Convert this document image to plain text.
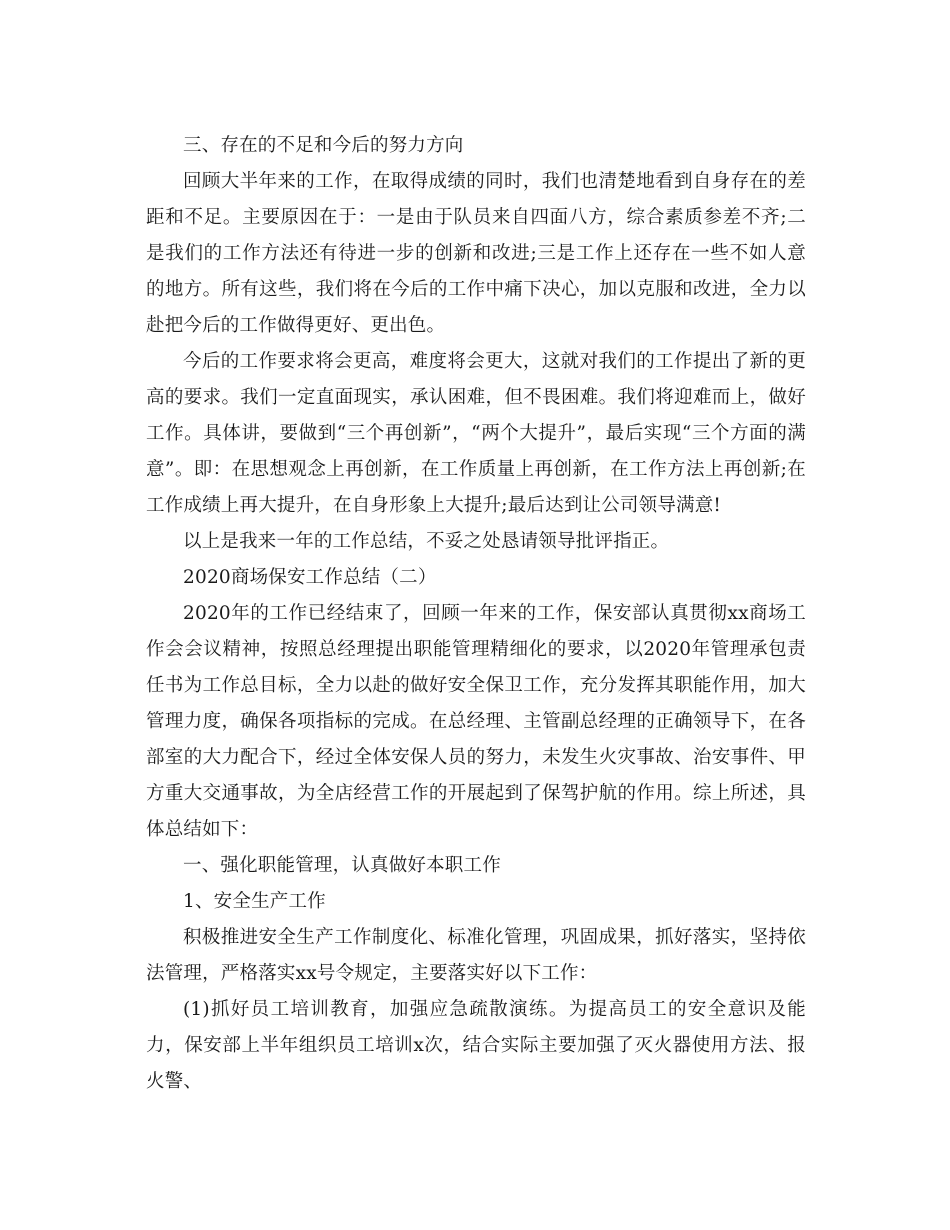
三、存在的不足和今后的努力方向

回顾大半年来的工作，在取得成绩的同时，我们也清楚地看到自身存在的差距和不足。主要原因在于：一是由于队员来自四面八方，综合素质参差不齐;二是我们的工作方法还有待进一步的创新和改进;三是工作上还存在一些不如人意的地方。所有这些，我们将在今后的工作中痛下决心，加以克服和改进，全力以赴把今后的工作做得更好、更出色。

今后的工作要求将会更高，难度将会更大，这就对我们的工作提出了新的更高的要求。我们一定直面现实，承认困难，但不畏困难。我们将迎难而上，做好工作。具体讲，要做到“三个再创新”，“两个大提升”，最后实现“三个方面的满意”。即：在思想观念上再创新，在工作质量上再创新，在工作方法上再创新;在工作成绩上再大提升，在自身形象上大提升;最后达到让公司领导满意!

以上是我来一年的工作总结，不妥之处恳请领导批评指正。

2020商场保安工作总结（二）

2020年的工作已经结束了，回顾一年来的工作，保安部认真贯彻xx商场工作会会议精神，按照总经理提出职能管理精细化的要求，以2020年管理承包责任书为工作总目标，全力以赴的做好安全保卫工作，充分发挥其职能作用，加大管理力度，确保各项指标的完成。在总经理、主管副总经理的正确领导下，在各部室的大力配合下，经过全体安保人员的努力，未发生火灾事故、治安事件、甲方重大交通事故，为全店经营工作的开展起到了保驾护航的作用。综上所述，具体总结如下：

一、强化职能管理，认真做好本职工作

1、安全生产工作

积极推进安全生产工作制度化、标准化管理，巩固成果，抓好落实，坚持依法管理，严格落实xx号令规定，主要落实好以下工作：

(1)抓好员工培训教育，加强应急疏散演练。为提高员工的安全意识及能力，保安部上半年组织员工培训x次，结合实际主要加强了灭火器使用方法、报火警、
